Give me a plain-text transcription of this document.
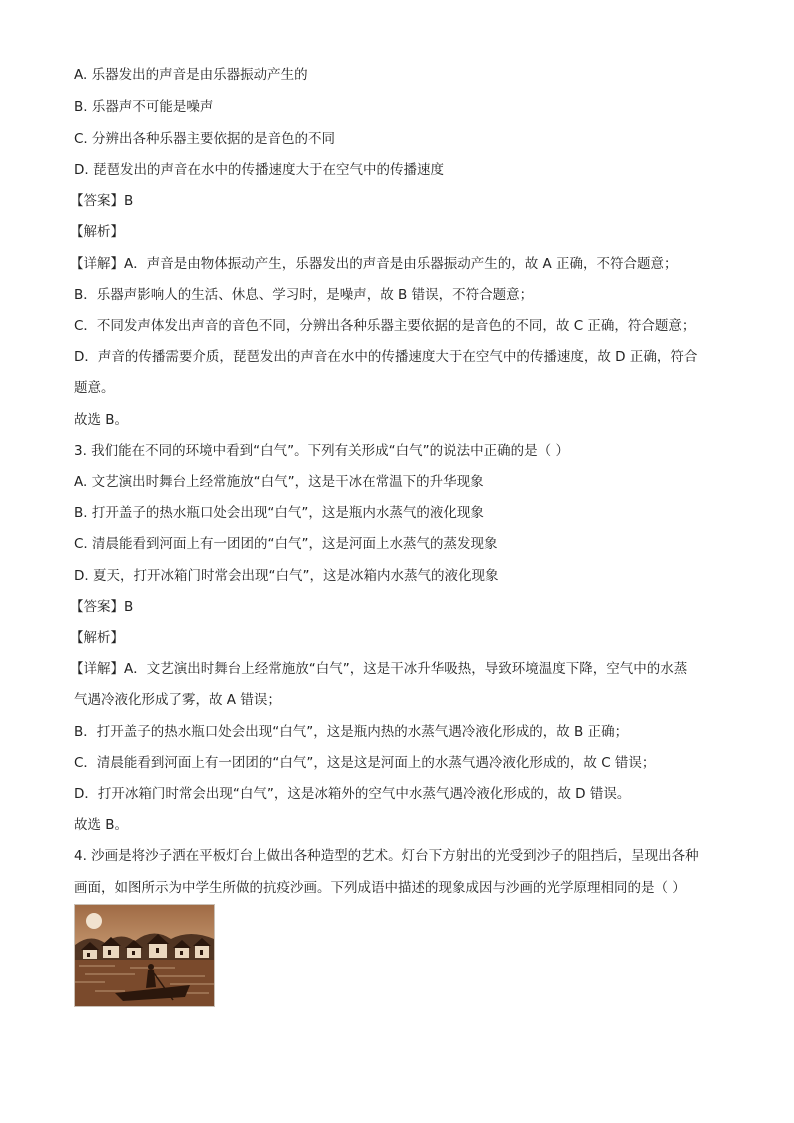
A. 乐器发出的声音是由乐器振动产生的
B. 乐器声不可能是噪声
C. 分辨出各种乐器主要依据的是音色的不同
D. 琵琶发出的声音在水中的传播速度大于在空气中的传播速度
【答案】B
【解析】
【详解】A．声音是由物体振动产生，乐器发出的声音是由乐器振动产生的，故 A 正确，不符合题意；
B．乐器声影响人的生活、休息、学习时，是噪声，故 B 错误，不符合题意；
C．不同发声体发出声音的音色不同，分辨出各种乐器主要依据的是音色的不同，故 C 正确，符合题意；
D．声音的传播需要介质，琵琶发出的声音在水中的传播速度大于在空气中的传播速度，故 D 正确，符合
题意。
故选 B。
3. 我们能在不同的环境中看到“白气”。下列有关形成“白气”的说法中正确的是（ ）
A. 文艺演出时舞台上经常施放“白气”，这是干冰在常温下的升华现象
B. 打开盖子的热水瓶口处会出现“白气”，这是瓶内水蒸气的液化现象
C. 清晨能看到河面上有一团团的“白气”，这是河面上水蒸气的蒸发现象
D. 夏天，打开冰箱门时常会出现“白气”，这是冰箱内水蒸气的液化现象
【答案】B
【解析】
【详解】A．文艺演出时舞台上经常施放“白气”，这是干冰升华吸热，导致环境温度下降，空气中的水蒸
气遇冷液化形成了雾，故 A 错误；
B．打开盖子的热水瓶口处会出现“白气”，这是瓶内热的水蒸气遇冷液化形成的，故 B 正确；
C．清晨能看到河面上有一团团的“白气”，这是这是河面上的水蒸气遇冷液化形成的，故 C 错误；
D．打开冰箱门时常会出现“白气”，这是冰箱外的空气中水蒸气遇冷液化形成的，故 D 错误。
故选 B。
4. 沙画是将沙子洒在平板灯台上做出各种造型的艺术。灯台下方射出的光受到沙子的阻挡后，呈现出各种
画面，如图所示为中学生所做的抗疫沙画。下列成语中描述的现象成因与沙画的光学原理相同的是（ ）
